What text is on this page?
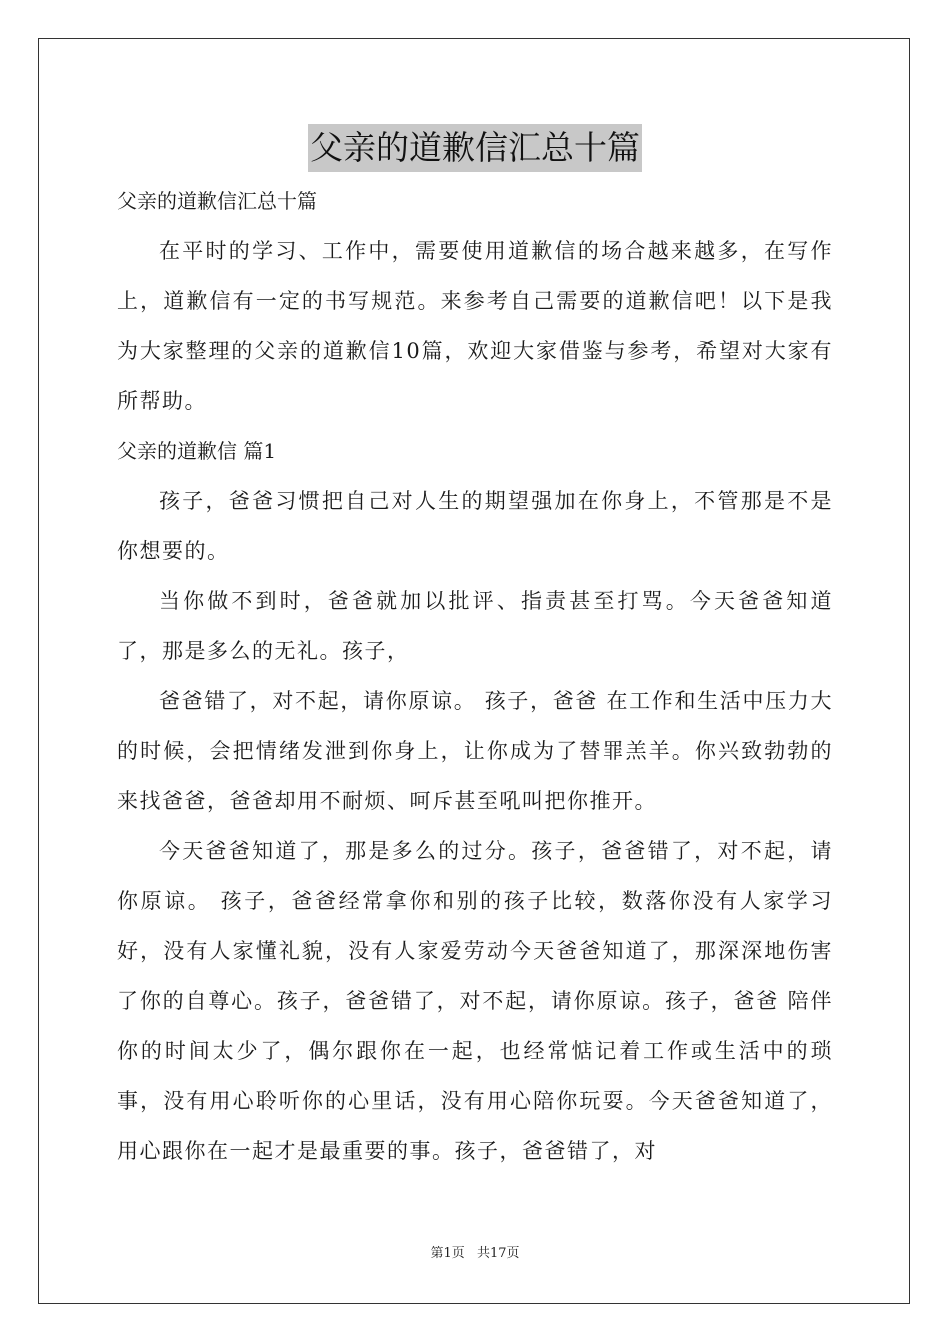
父亲的道歉信汇总十篇

父亲的道歉信汇总十篇

在平时的学习、工作中，需要使用道歉信的场合越来越多，在写作上，道歉信有一定的书写规范。来参考自己需要的道歉信吧！以下是我为大家整理的父亲的道歉信10篇，欢迎大家借鉴与参考，希望对大家有所帮助。

父亲的道歉信 篇1

孩子，爸爸习惯把自己对人生的期望强加在你身上，不管那是不是你想要的。

当你做不到时，爸爸就加以批评、指责甚至打骂。今天爸爸知道了，那是多么的无礼。孩子，

爸爸错了，对不起，请你原谅。 孩子，爸爸 在工作和生活中压力大的时候，会把情绪发泄到你身上，让你成为了替罪羔羊。你兴致勃勃的来找爸爸，爸爸却用不耐烦、呵斥甚至吼叫把你推开。

今天爸爸知道了，那是多么的过分。孩子，爸爸错了，对不起，请你原谅。 孩子，爸爸经常拿你和别的孩子比较，数落你没有人家学习好，没有人家懂礼貌，没有人家爱劳动今天爸爸知道了，那深深地伤害了你的自尊心。孩子，爸爸错了，对不起，请你原谅。孩子，爸爸 陪伴你的时间太少了，偶尔跟你在一起，也经常惦记着工作或生活中的琐事，没有用心聆听你的心里话，没有用心陪你玩耍。今天爸爸知道了，用心跟你在一起才是最重要的事。孩子，爸爸错了，对

第1页 共17页
